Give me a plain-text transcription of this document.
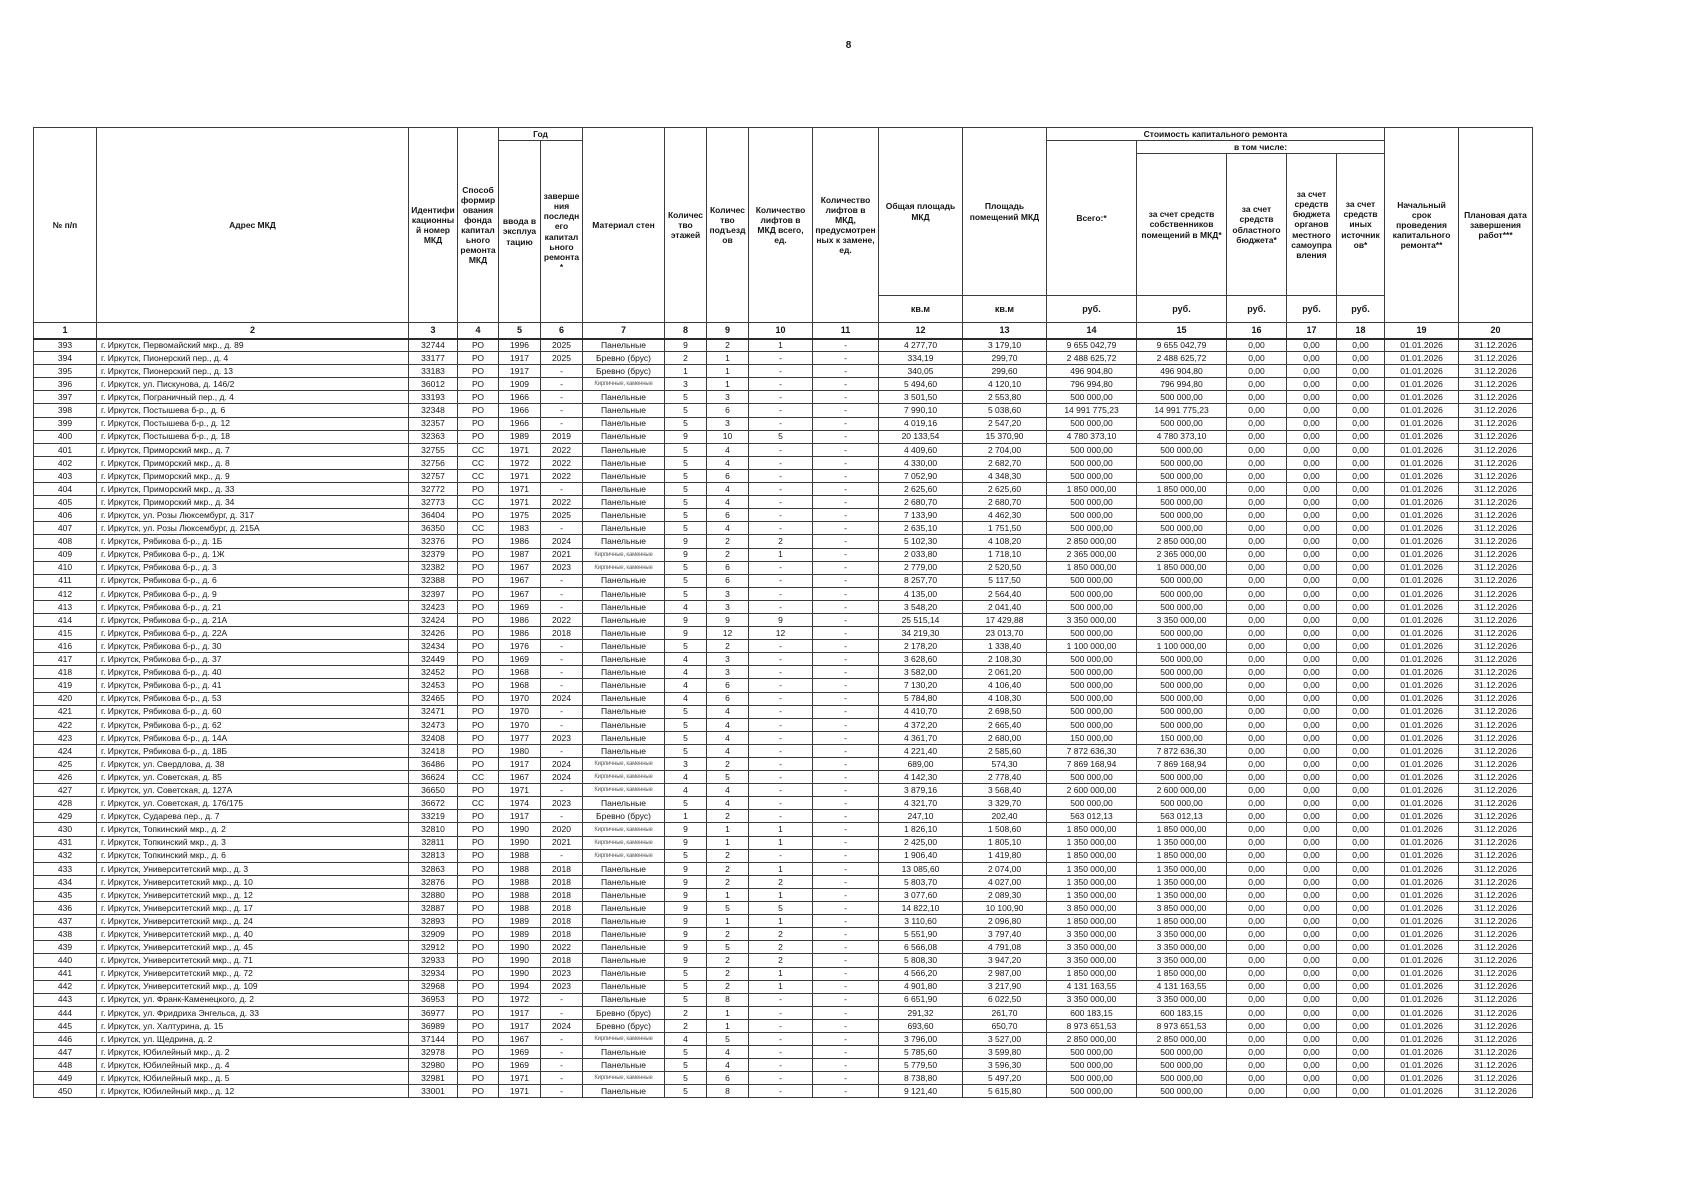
8
№ п/п	Адрес МКД	Идентификационный номер МКД	Способ формирования фонда капитального ремонта МКД	Год		Материал стен	Количество этажей	Количество подъездов	Количество лифтов в МКД всего, ед.	Количество лифтов в МКД, предусмотренных к замене, ед.	Общая площадь МКД	Площадь помещений МКД	Стоимость капитального ремонта					Начальный срок проведения капитального ремонта**	Плановая дата завершения работ***
				ввода в эксплуатацию	завершения последнего капитального ремонта*								Всего:*	в том числе:					
														за счет средств собственников помещений в МКД*	за счет средств областного бюджета*	за счет средств бюджета органов местного самоуправления	за счет средств иных источников*		
											кв.м	кв.м	руб.	руб.	руб.	руб.	руб.		
1	2	3	4	5	6	7	8	9	10	11	12	13	14	15	16	17	18	19	20
393	г. Иркутск, Первомайский мкр., д. 89	32744	РО	1996	2025	Панельные	9	2	1	-	4 277,70	3 179,10	9 655 042,79	9 655 042,79	0,00	0,00	0,00	01.01.2026	31.12.2026
394	г. Иркутск, Пионерский пер., д. 4	33177	РО	1917	2025	Бревно (брус)	2	1	-	-	334,19	299,70	2 488 625,72	2 488 625,72	0,00	0,00	0,00	01.01.2026	31.12.2026
395	г. Иркутск, Пионерский пер., д. 13	33183	РО	1917	-	Бревно (брус)	1	1	-	-	340,05	299,60	496 904,80	496 904,80	0,00	0,00	0,00	01.01.2026	31.12.2026
396	г. Иркутск, ул. Пискунова, д. 146/2	36012	РО	1909	-	Кирпичные, каменные	3	1	-	-	5 494,60	4 120,10	796 994,80	796 994,80	0,00	0,00	0,00	01.01.2026	31.12.2026
397	г. Иркутск, Пограничный пер., д. 4	33193	РО	1966	-	Панельные	5	3	-	-	3 501,50	2 553,80	500 000,00	500 000,00	0,00	0,00	0,00	01.01.2026	31.12.2026
398	г. Иркутск, Постышева б-р., д. 6	32348	РО	1966	-	Панельные	5	6	-	-	7 990,10	5 038,60	14 991 775,23	14 991 775,23	0,00	0,00	0,00	01.01.2026	31.12.2026
399	г. Иркутск, Постышева б-р., д. 12	32357	РО	1966	-	Панельные	5	3	-	-	4 019,16	2 547,20	500 000,00	500 000,00	0,00	0,00	0,00	01.01.2026	31.12.2026
400	г. Иркутск, Постышева б-р., д. 18	32363	РО	1989	2019	Панельные	9	10	5	-	20 133,54	15 370,90	4 780 373,10	4 780 373,10	0,00	0,00	0,00	01.01.2026	31.12.2026
401	г. Иркутск, Приморский мкр., д. 7	32755	СС	1971	2022	Панельные	5	4	-	-	4 409,60	2 704,00	500 000,00	500 000,00	0,00	0,00	0,00	01.01.2026	31.12.2026
402	г. Иркутск, Приморский мкр., д. 8	32756	СС	1972	2022	Панельные	5	4	-	-	4 330,00	2 682,70	500 000,00	500 000,00	0,00	0,00	0,00	01.01.2026	31.12.2026
403	г. Иркутск, Приморский мкр., д. 9	32757	СС	1971	2022	Панельные	5	6	-	-	7 052,90	4 348,30	500 000,00	500 000,00	0,00	0,00	0,00	01.01.2026	31.12.2026
404	г. Иркутск, Приморский мкр., д. 33	32772	РО	1971	-	Панельные	5	4	-	-	2 625,60	2 625,60	1 850 000,00	1 850 000,00	0,00	0,00	0,00	01.01.2026	31.12.2026
405	г. Иркутск, Приморский мкр., д. 34	32773	СС	1971	2022	Панельные	5	4	-	-	2 680,70	2 680,70	500 000,00	500 000,00	0,00	0,00	0,00	01.01.2026	31.12.2026
406	г. Иркутск, ул. Розы Люксембург, д. 317	36404	РО	1975	2025	Панельные	5	6	-	-	7 133,90	4 462,30	500 000,00	500 000,00	0,00	0,00	0,00	01.01.2026	31.12.2026
407	г. Иркутск, ул. Розы Люксембург, д. 215А	36350	СС	1983	-	Панельные	5	4	-	-	2 635,10	1 751,50	500 000,00	500 000,00	0,00	0,00	0,00	01.01.2026	31.12.2026
408	г. Иркутск, Рябикова б-р., д. 1Б	32376	РО	1986	2024	Панельные	9	2	2	-	5 102,30	4 108,20	2 850 000,00	2 850 000,00	0,00	0,00	0,00	01.01.2026	31.12.2026
409	г. Иркутск, Рябикова б-р., д. 1Ж	32379	РО	1987	2021	Кирпичные, каменные	9	2	1	-	2 033,80	1 718,10	2 365 000,00	2 365 000,00	0,00	0,00	0,00	01.01.2026	31.12.2026
410	г. Иркутск, Рябикова б-р., д. 3	32382	РО	1967	2023	Кирпичные, каменные	5	6	-	-	2 779,00	2 520,50	1 850 000,00	1 850 000,00	0,00	0,00	0,00	01.01.2026	31.12.2026
411	г. Иркутск, Рябикова б-р., д. 6	32388	РО	1967	-	Панельные	5	6	-	-	8 257,70	5 117,50	500 000,00	500 000,00	0,00	0,00	0,00	01.01.2026	31.12.2026
412	г. Иркутск, Рябикова б-р., д. 9	32397	РО	1967	-	Панельные	5	3	-	-	4 135,00	2 564,40	500 000,00	500 000,00	0,00	0,00	0,00	01.01.2026	31.12.2026
413	г. Иркутск, Рябикова б-р., д. 21	32423	РО	1969	-	Панельные	4	3	-	-	3 548,20	2 041,40	500 000,00	500 000,00	0,00	0,00	0,00	01.01.2026	31.12.2026
414	г. Иркутск, Рябикова б-р., д. 21А	32424	РО	1986	2022	Панельные	9	9	9	-	25 515,14	17 429,88	3 350 000,00	3 350 000,00	0,00	0,00	0,00	01.01.2026	31.12.2026
415	г. Иркутск, Рябикова б-р., д. 22А	32426	РО	1986	2018	Панельные	9	12	12	-	34 219,30	23 013,70	500 000,00	500 000,00	0,00	0,00	0,00	01.01.2026	31.12.2026
416	г. Иркутск, Рябикова б-р., д. 30	32434	РО	1976	-	Панельные	5	2	-	-	2 178,20	1 338,40	1 100 000,00	1 100 000,00	0,00	0,00	0,00	01.01.2026	31.12.2026
417	г. Иркутск, Рябикова б-р., д. 37	32449	РО	1969	-	Панельные	4	3	-	-	3 628,60	2 108,30	500 000,00	500 000,00	0,00	0,00	0,00	01.01.2026	31.12.2026
418	г. Иркутск, Рябикова б-р., д. 40	32452	РО	1968	-	Панельные	4	3	-	-	3 582,00	2 061,20	500 000,00	500 000,00	0,00	0,00	0,00	01.01.2026	31.12.2026
419	г. Иркутск, Рябикова б-р., д. 41	32453	РО	1968	-	Панельные	4	6	-	-	7 130,20	4 106,40	500 000,00	500 000,00	0,00	0,00	0,00	01.01.2026	31.12.2026
420	г. Иркутск, Рябикова б-р., д. 53	32465	РО	1970	2024	Панельные	4	6	-	-	5 784,80	4 108,30	500 000,00	500 000,00	0,00	0,00	0,00	01.01.2026	31.12.2026
421	г. Иркутск, Рябикова б-р., д. 60	32471	РО	1970	-	Панельные	5	4	-	-	4 410,70	2 698,50	500 000,00	500 000,00	0,00	0,00	0,00	01.01.2026	31.12.2026
422	г. Иркутск, Рябикова б-р., д. 62	32473	РО	1970	-	Панельные	5	4	-	-	4 372,20	2 665,40	500 000,00	500 000,00	0,00	0,00	0,00	01.01.2026	31.12.2026
423	г. Иркутск, Рябикова б-р., д. 14А	32408	РО	1977	2023	Панельные	5	4	-	-	4 361,70	2 680,00	150 000,00	150 000,00	0,00	0,00	0,00	01.01.2026	31.12.2026
424	г. Иркутск, Рябикова б-р., д. 18Б	32418	РО	1980	-	Панельные	5	4	-	-	4 221,40	2 585,60	7 872 636,30	7 872 636,30	0,00	0,00	0,00	01.01.2026	31.12.2026
425	г. Иркутск, ул. Свердлова, д. 38	36486	РО	1917	2024	Кирпичные, каменные	3	2	-	-	689,00	574,30	7 869 168,94	7 869 168,94	0,00	0,00	0,00	01.01.2026	31.12.2026
426	г. Иркутск, ул. Советская, д. 85	36624	СС	1967	2024	Кирпичные, каменные	4	5	-	-	4 142,30	2 778,40	500 000,00	500 000,00	0,00	0,00	0,00	01.01.2026	31.12.2026
427	г. Иркутск, ул. Советская, д. 127А	36650	РО	1971	-	Кирпичные, каменные	4	4	-	-	3 879,16	3 568,40	2 600 000,00	2 600 000,00	0,00	0,00	0,00	01.01.2026	31.12.2026
428	г. Иркутск, ул. Советская, д. 176/175	36672	СС	1974	2023	Панельные	5	4	-	-	4 321,70	3 329,70	500 000,00	500 000,00	0,00	0,00	0,00	01.01.2026	31.12.2026
429	г. Иркутск, Сударева пер., д. 7	33219	РО	1917	-	Бревно (брус)	1	2	-	-	247,10	202,40	563 012,13	563 012,13	0,00	0,00	0,00	01.01.2026	31.12.2026
430	г. Иркутск, Топкинский мкр., д. 2	32810	РО	1990	2020	Кирпичные, каменные	9	1	1	-	1 826,10	1 508,60	1 850 000,00	1 850 000,00	0,00	0,00	0,00	01.01.2026	31.12.2026
431	г. Иркутск, Топкинский мкр., д. 3	32811	РО	1990	2021	Кирпичные, каменные	9	1	1	-	2 425,00	1 805,10	1 350 000,00	1 350 000,00	0,00	0,00	0,00	01.01.2026	31.12.2026
432	г. Иркутск, Топкинский мкр., д. 6	32813	РО	1988	-	Кирпичные, каменные	5	2	-	-	1 906,40	1 419,80	1 850 000,00	1 850 000,00	0,00	0,00	0,00	01.01.2026	31.12.2026
433	г. Иркутск, Университетский мкр., д. 3	32863	РО	1988	2018	Панельные	9	2	1	-	13 085,60	2 074,00	1 350 000,00	1 350 000,00	0,00	0,00	0,00	01.01.2026	31.12.2026
434	г. Иркутск, Университетский мкр., д. 10	32876	РО	1988	2018	Панельные	9	2	2	-	5 803,70	4 027,00	1 350 000,00	1 350 000,00	0,00	0,00	0,00	01.01.2026	31.12.2026
435	г. Иркутск, Университетский мкр., д. 12	32880	РО	1988	2018	Панельные	9	1	1	-	3 077,60	2 089,30	1 350 000,00	1 350 000,00	0,00	0,00	0,00	01.01.2026	31.12.2026
436	г. Иркутск, Университетский мкр., д. 17	32887	РО	1988	2018	Панельные	9	5	5	-	14 822,10	10 100,90	3 850 000,00	3 850 000,00	0,00	0,00	0,00	01.01.2026	31.12.2026
437	г. Иркутск, Университетский мкр., д. 24	32893	РО	1989	2018	Панельные	9	1	1	-	3 110,60	2 096,80	1 850 000,00	1 850 000,00	0,00	0,00	0,00	01.01.2026	31.12.2026
438	г. Иркутск, Университетский мкр., д. 40	32909	РО	1989	2018	Панельные	9	2	2	-	5 551,90	3 797,40	3 350 000,00	3 350 000,00	0,00	0,00	0,00	01.01.2026	31.12.2026
439	г. Иркутск, Университетский мкр., д. 45	32912	РО	1990	2022	Панельные	9	5	2	-	6 566,08	4 791,08	3 350 000,00	3 350 000,00	0,00	0,00	0,00	01.01.2026	31.12.2026
440	г. Иркутск, Университетский мкр., д. 71	32933	РО	1990	2018	Панельные	9	2	2	-	5 808,30	3 947,20	3 350 000,00	3 350 000,00	0,00	0,00	0,00	01.01.2026	31.12.2026
441	г. Иркутск, Университетский мкр., д. 72	32934	РО	1990	2023	Панельные	5	2	1	-	4 566,20	2 987,00	1 850 000,00	1 850 000,00	0,00	0,00	0,00	01.01.2026	31.12.2026
442	г. Иркутск, Университетский мкр., д. 109	32968	РО	1994	2023	Панельные	5	2	1	-	4 901,80	3 217,90	4 131 163,55	4 131 163,55	0,00	0,00	0,00	01.01.2026	31.12.2026
443	г. Иркутск, ул. Франк-Каменецкого, д. 2	36953	РО	1972	-	Панельные	5	8	-	-	6 651,90	6 022,50	3 350 000,00	3 350 000,00	0,00	0,00	0,00	01.01.2026	31.12.2026
444	г. Иркутск, ул. Фридриха Энгельса, д. 33	36977	РО	1917	-	Бревно (брус)	2	1	-	-	291,32	261,70	600 183,15	600 183,15	0,00	0,00	0,00	01.01.2026	31.12.2026
445	г. Иркутск, ул. Халтурина, д. 15	36989	РО	1917	2024	Бревно (брус)	2	1	-	-	693,60	650,70	8 973 651,53	8 973 651,53	0,00	0,00	0,00	01.01.2026	31.12.2026
446	г. Иркутск, ул. Щедрина, д. 2	37144	РО	1967	-	Кирпичные, каменные	4	5	-	-	3 796,00	3 527,00	2 850 000,00	2 850 000,00	0,00	0,00	0,00	01.01.2026	31.12.2026
447	г. Иркутск, Юбилейный мкр., д. 2	32978	РО	1969	-	Панельные	5	4	-	-	5 785,60	3 599,80	500 000,00	500 000,00	0,00	0,00	0,00	01.01.2026	31.12.2026
448	г. Иркутск, Юбилейный мкр., д. 4	32980	РО	1969	-	Панельные	5	4	-	-	5 779,50	3 596,30	500 000,00	500 000,00	0,00	0,00	0,00	01.01.2026	31.12.2026
449	г. Иркутск, Юбилейный мкр., д. 5	32981	РО	1971	-	Кирпичные, каменные	5	6	-	-	8 738,80	5 497,20	500 000,00	500 000,00	0,00	0,00	0,00	01.01.2026	31.12.2026
450	г. Иркутск, Юбилейный мкр., д. 12	33001	РО	1971	-	Панельные	5	8	-	-	9 121,40	5 615,80	500 000,00	500 000,00	0,00	0,00	0,00	01.01.2026	31.12.2026
